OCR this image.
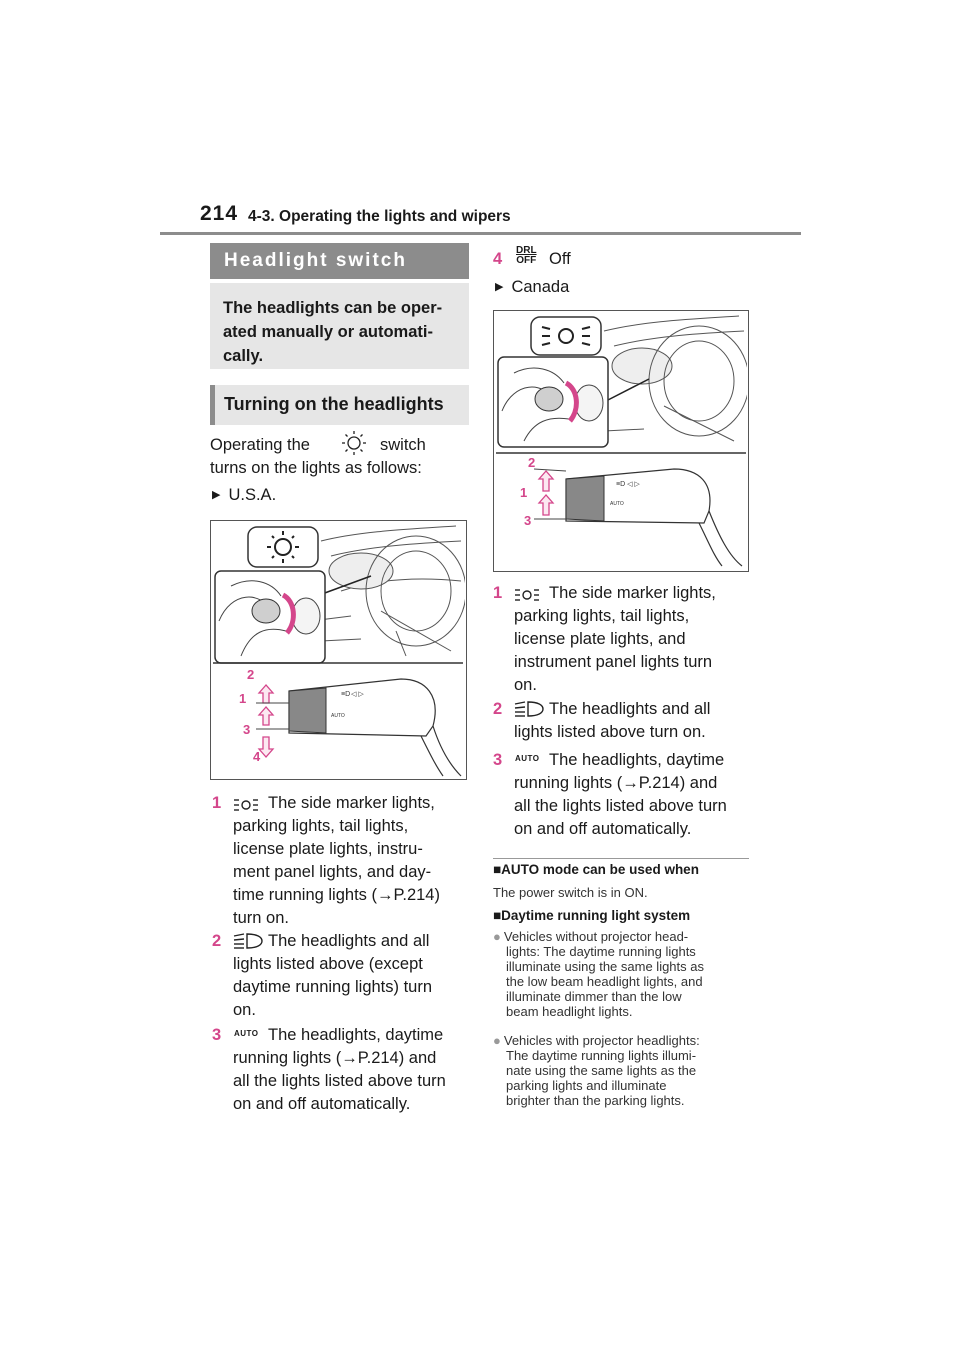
214 4-3. Operating the lights and wipers
Headlight switch
The headlights can be oper-
ated manually or automati-
cally.
Turning on the headlights
Operating the	switch
turns on the lights as follows:
▶ U.S.A.
≡D ◁ ▷
AUTO
2
1
3
4
1	The side marker lights,
parking lights, tail lights,
license plate lights, instru-
ment panel lights, and day-
time running lights (→P.214)
turn on.
2	The headlights and all
lights listed above (except
daytime running lights) turn
on.
3 AUTO The headlights, daytime
running lights (→P.214) and
all the lights listed above turn
on and off automatically.
4 DRL
OFF Off
▶ Canada
≡D ◁ ▷
AUTO
2
1
3
1	The side marker lights,
parking lights, tail lights,
license plate lights, and
instrument panel lights turn
on.
2	The headlights and all
lights listed above turn on.
3 AUTO The headlights, daytime
running lights (→P.214) and
all the lights listed above turn
on and off automatically.
■AUTO mode can be used when
The power switch is in ON.
■Daytime running light system
● Vehicles without projector head-
lights: The daytime running lights
illuminate using the same lights as
the low beam headlight lights, and
illuminate dimmer than the low
beam headlight lights.
● Vehicles with projector headlights:
The daytime running lights illumi-
nate using the same lights as the
parking lights and illuminate
brighter than the parking lights.
